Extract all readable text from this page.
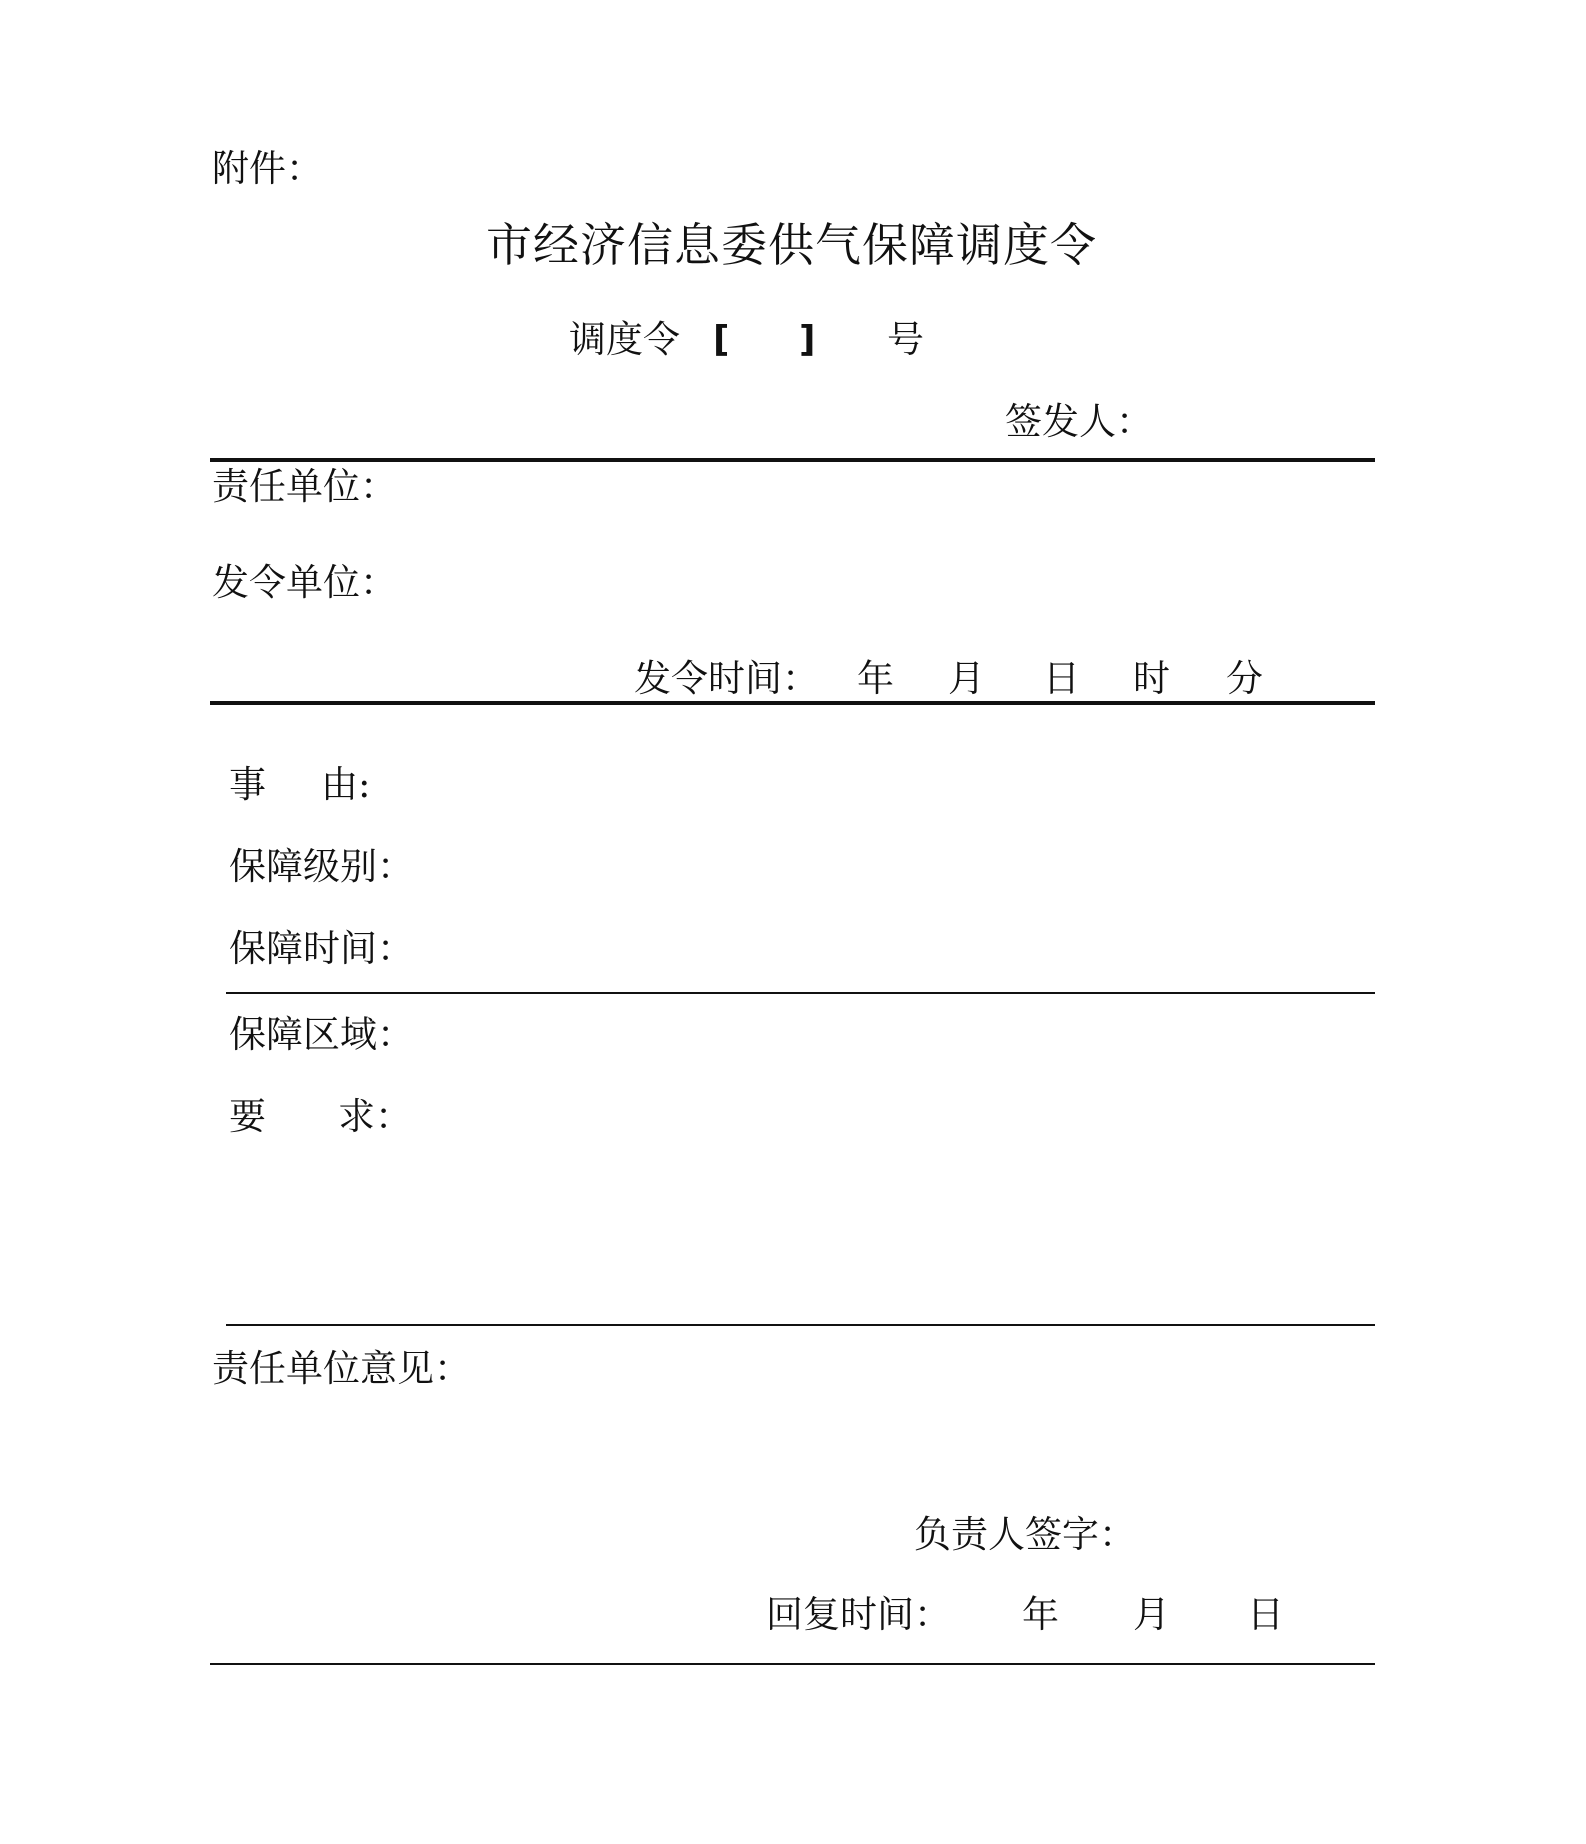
附件：
市经济信息委供气保障调度令
调度令 [ ] 号
签发人：
责任单位：
发令单位：
发令时间： 年 月 日 时 分
事 由:
保障级别：
保障时间：
保障区域：
要 求：
责任单位意见：
负责人签字：
回复时间： 年 月 日
